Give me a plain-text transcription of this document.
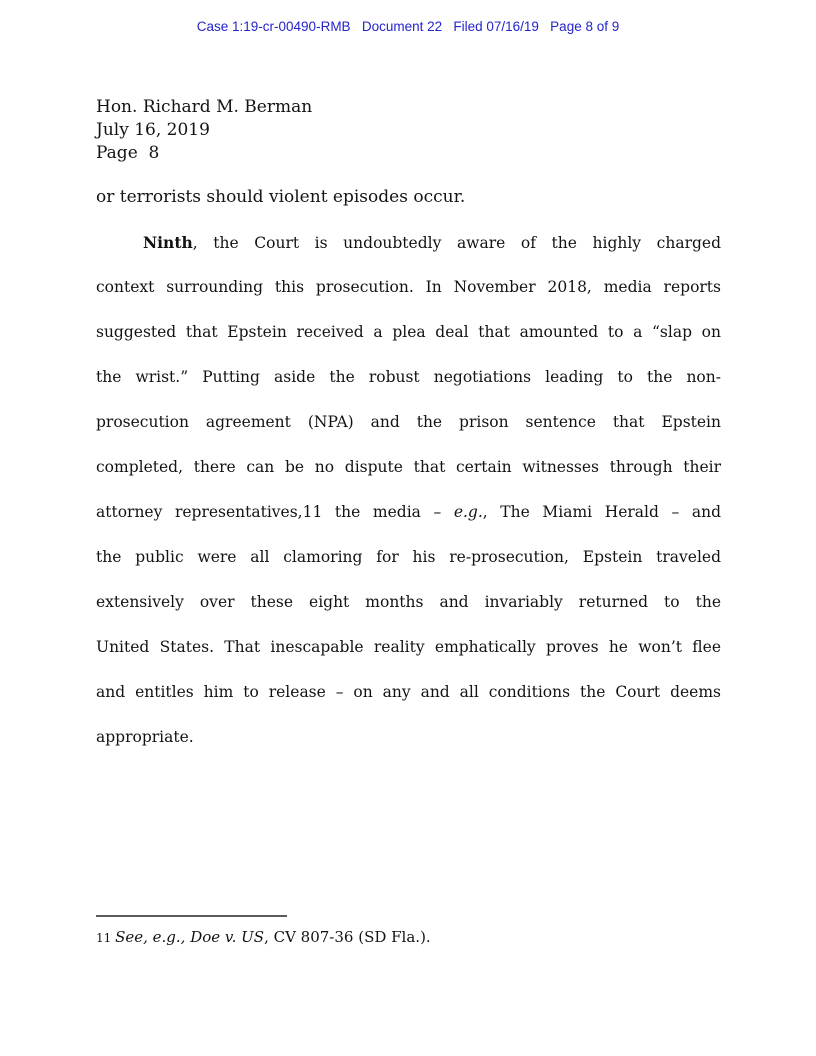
Case 1:19-cr-00490-RMB   Document 22   Filed 07/16/19   Page 8 of 9
Hon. Richard M. Berman
July 16, 2019
Page  8
or terrorists should violent episodes occur.
Ninth, the Court is undoubtedly aware of the highly charged
context surrounding this prosecution. In November 2018, media reports
suggested that Epstein received a plea deal that amounted to a “slap on
the wrist.” Putting aside the robust negotiations leading to the non-
prosecution agreement (NPA) and the prison sentence that Epstein
completed, there can be no dispute that certain witnesses through their
attorney representatives,11 the media – e.g., The Miami Herald – and
the public were all clamoring for his re-prosecution, Epstein traveled
extensively over these eight months and invariably returned to the
United States. That inescapable reality emphatically proves he won’t flee
and entitles him to release – on any and all conditions the Court deems
appropriate.
11 See, e.g., Doe v. US, CV 807-36 (SD Fla.).
